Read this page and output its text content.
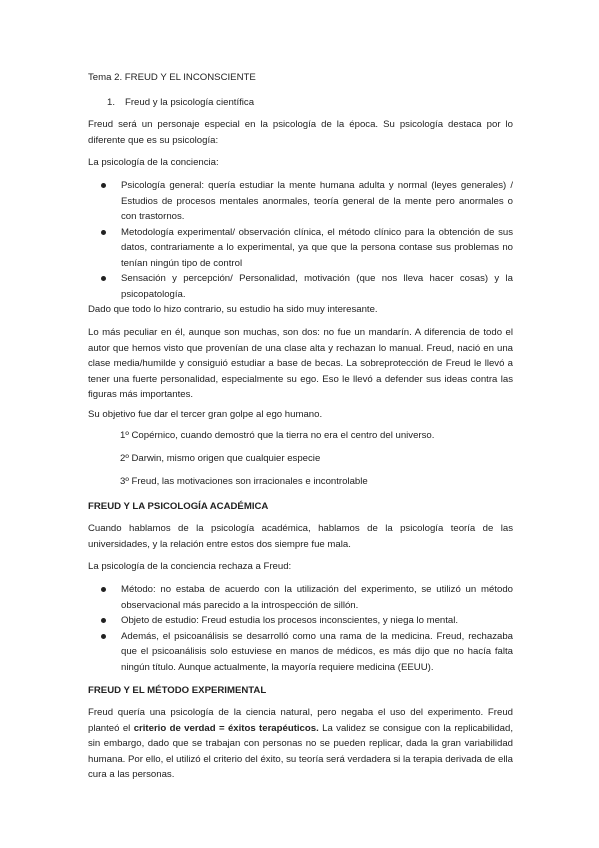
Tema 2. FREUD Y EL INCONSCIENTE
1. Freud y la psicología científica
Freud será un personaje especial en la psicología de la época. Su psicología destaca por lo diferente que es su psicología:
La psicología de la conciencia:
Psicología general: quería estudiar la mente humana adulta y normal (leyes generales) / Estudios de procesos mentales anormales, teoría general de la mente pero anormales o con trastornos.
Metodología experimental/ observación clínica, el método clínico para la obtención de sus datos, contrariamente a lo experimental, ya que que la persona contase sus problemas no tenían ningún tipo de control
Sensación y percepción/ Personalidad, motivación (que nos lleva hacer cosas) y la psicopatología.
Dado que todo lo hizo contrario, su estudio ha sido muy interesante.
Lo más peculiar en él, aunque son muchas, son dos: no fue un mandarín. A diferencia de todo el autor que hemos visto que provenían de una clase alta y rechazan lo manual. Freud, nació en una clase media/humilde y consiguió estudiar a base de becas. La sobreprotección de Freud le llevó a tener una fuerte personalidad, especialmente su ego. Eso le llevó a defender sus ideas contra las figuras más importantes.
Su objetivo fue dar el tercer gran golpe al ego humano.
1º Copérnico, cuando demostró que la tierra no era el centro del universo.
2º Darwin, mismo origen que cualquier especie
3º Freud, las motivaciones son irracionales e incontrolable
FREUD Y LA PSICOLOGÍA ACADÉMICA
Cuando hablamos de la psicología académica, hablamos de la psicología teoría de las universidades, y la relación entre estos dos siempre fue mala.
La psicología de la conciencia rechaza a Freud:
Método: no estaba de acuerdo con la utilización del experimento, se utilizó un método observacional más parecido a la introspección de sillón.
Objeto de estudio: Freud estudia los procesos inconscientes, y niega lo mental.
Además, el psicoanálisis se desarrolló como una rama de la medicina. Freud, rechazaba que el psicoanálisis solo estuviese en manos de médicos, es más dijo que no hacía falta ningún título. Aunque actualmente, la mayoría requiere medicina (EEUU).
FREUD Y EL MÉTODO EXPERIMENTAL
Freud quería una psicología de la ciencia natural, pero negaba el uso del experimento. Freud planteó el criterio de verdad = éxitos terapéuticos. La validez se consigue con la replicabilidad, sin embargo, dado que se trabajan con personas no se pueden replicar, dada la gran variabilidad humana. Por ello, el utilizó el criterio del éxito, su teoría será verdadera si la terapia derivada de ella cura a las personas.
